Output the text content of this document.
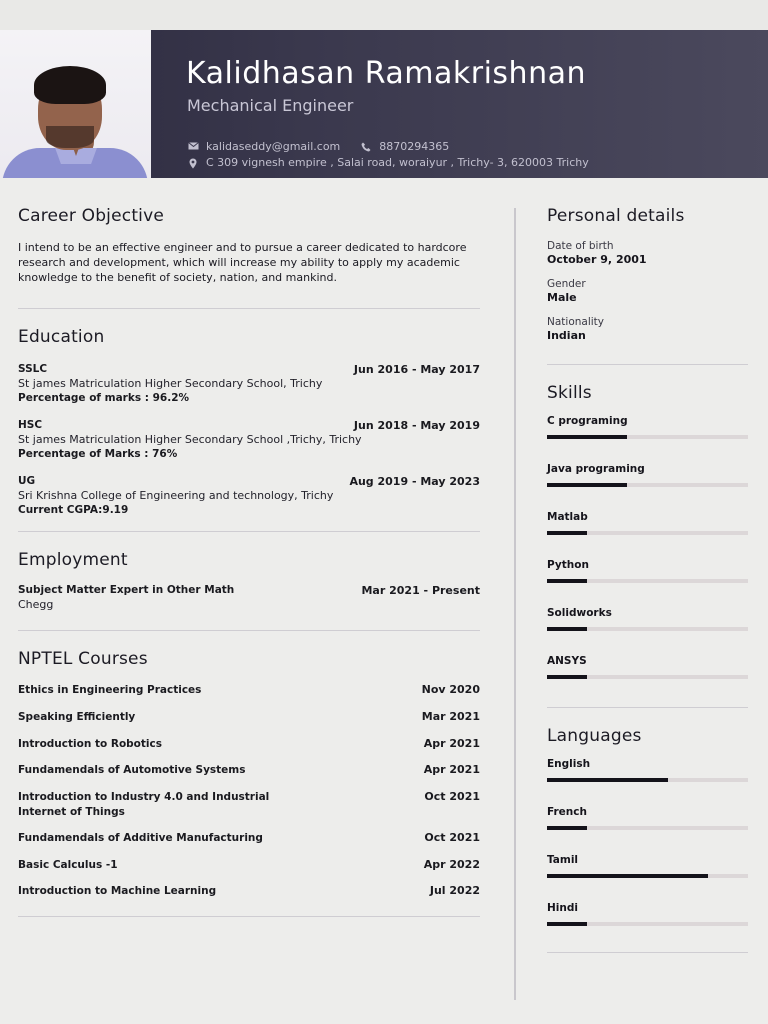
Kalidhasan Ramakrishnan
Mechanical Engineer
kalidaseddy@gmail.com	8870294365
C 309 vignesh empire , Salai road, woraiyur , Trichy- 3, 620003 Trichy
Career Objective

I intend to be an effective engineer and to pursue a career dedicated to hardcore research and development, which will increase my ability to apply my academic knowledge to the benefit of society, nation, and mankind.

Education
SSLC	Jun 2016 - May 2017
St james Matriculation Higher Secondary School, Trichy
Percentage of marks : 96.2%
HSC	Jun 2018 - May 2019
St james Matriculation Higher Secondary School ,Trichy, Trichy
Percentage of Marks : 76%
UG	Aug 2019 - May 2023
Sri Krishna College of Engineering and technology, Trichy
Current CGPA:9.19
Employment
Subject Matter Expert in Other Math	Mar 2021 - Present
Chegg
NPTEL Courses
Ethics in Engineering Practices	Nov 2020
Speaking Efficiently	Mar 2021
Introduction to Robotics	Apr 2021
Fundamendals of Automotive Systems	Apr 2021
Introduction to Industry 4.0 and Industrial Internet of Things
Oct 2021
Fundamendals of Additive Manufacturing	Oct 2021
Basic Calculus -1	Apr 2022
Introduction to Machine Learning	Jul 2022
Personal details
Date of birth
October 9, 2001
Gender
Male
Nationality
Indian
Skills
C programing
Java programing
Matlab
Python
Solidworks
ANSYS
Languages
English
French
Tamil
Hindi
